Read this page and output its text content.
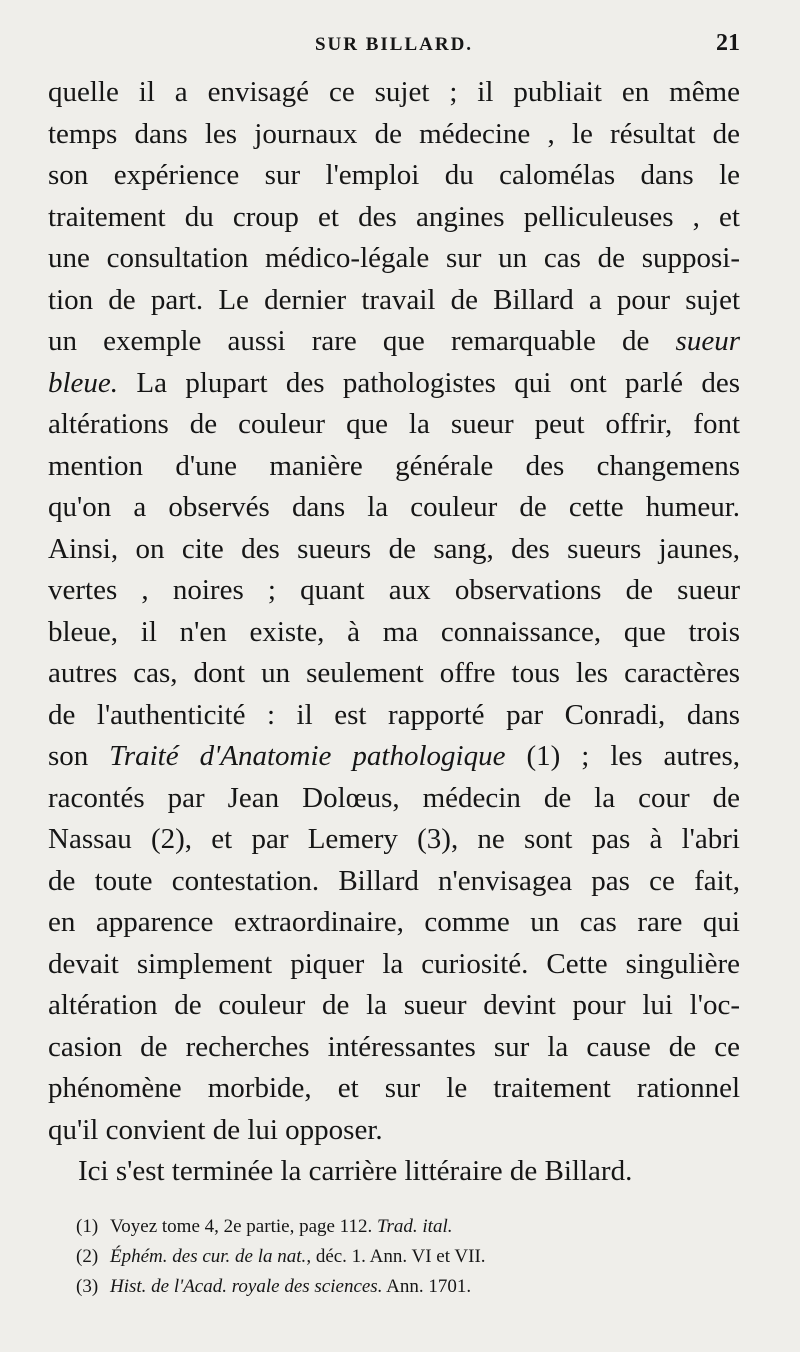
SUR BILLARD.	21
quelle il a envisagé ce sujet ; il publiait en même
temps dans les journaux de médecine , le résultat de
son expérience sur l'emploi du calomélas dans le
traitement du croup et des angines pelliculeuses , et
une consultation médico-légale sur un cas de supposi-
tion de part. Le dernier travail de Billard a pour sujet
un exemple aussi rare que remarquable de sueur
bleue. La plupart des pathologistes qui ont parlé des
altérations de couleur que la sueur peut offrir, font
mention d'une manière générale des changemens
qu'on a observés dans la couleur de cette humeur.
Ainsi, on cite des sueurs de sang, des sueurs jaunes,
vertes , noires ; quant aux observations de sueur
bleue, il n'en existe, à ma connaissance, que trois
autres cas, dont un seulement offre tous les caractères
de l'authenticité : il est rapporté par Conradi, dans
son Traité d'Anatomie pathologique (1) ; les autres,
racontés par Jean Dolœus, médecin de la cour de
Nassau (2), et par Lemery (3), ne sont pas à l'abri
de toute contestation. Billard n'envisagea pas ce fait,
en apparence extraordinaire, comme un cas rare qui
devait simplement piquer la curiosité. Cette singulière
altération de couleur de la sueur devint pour lui l'oc-
casion de recherches intéressantes sur la cause de ce
phénomène morbide, et sur le traitement rationnel
qu'il convient de lui opposer.
Ici s'est terminée la carrière littéraire de Billard.
(1) Voyez tome 4, 2e partie, page 112. Trad. ital.
(2) Éphém. des cur. de la nat., déc. 1. Ann. VI et VII.
(3) Hist. de l'Acad. royale des sciences. Ann. 1701.
